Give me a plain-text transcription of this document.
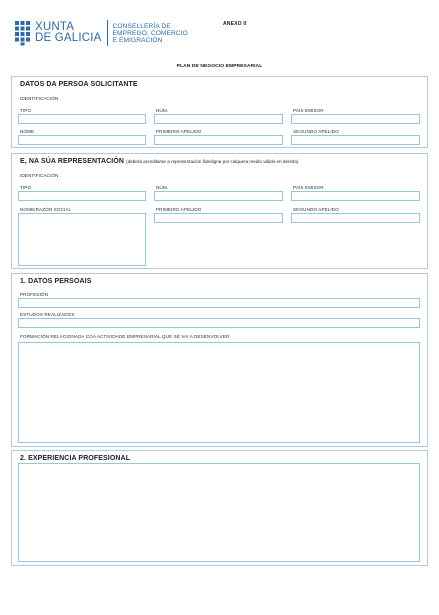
XUNTA
DE GALICIA
CONSELLERÍA DE
EMPREGO, COMERCIO
E EMIGRACIÓN
ANEXO II
PLAN DE NEGOCIO EMPRESARIAL
DATOS DA PERSOA SOLICITANTE
IDENTIFICACIÓN
TIPO	NÚM.	PAÍS EMISOR
NOME	PRIMEIRO APELIDO	SEGUNDO APELIDO
E, NA SÚA REPRESENTACIÓN (deberá acreditarse a representación fidedigna por calquera medio válido en dereito)
IDENTIFICACIÓN
TIPO	NÚM.	PAÍS EMISOR
NOME/RAZÓN SOCIAL	PRIMEIRO APELIDO	SEGUNDO APELIDO
1. DATOS PERSOAIS
PROFESIÓN
ESTUDOS REALIZADOS
FORMACIÓN RELACIONADA COA ACTIVIDADE EMPRESARIAL QUE SE VAI A DESENVOLVER
2. EXPERIENCIA PROFESIONAL
